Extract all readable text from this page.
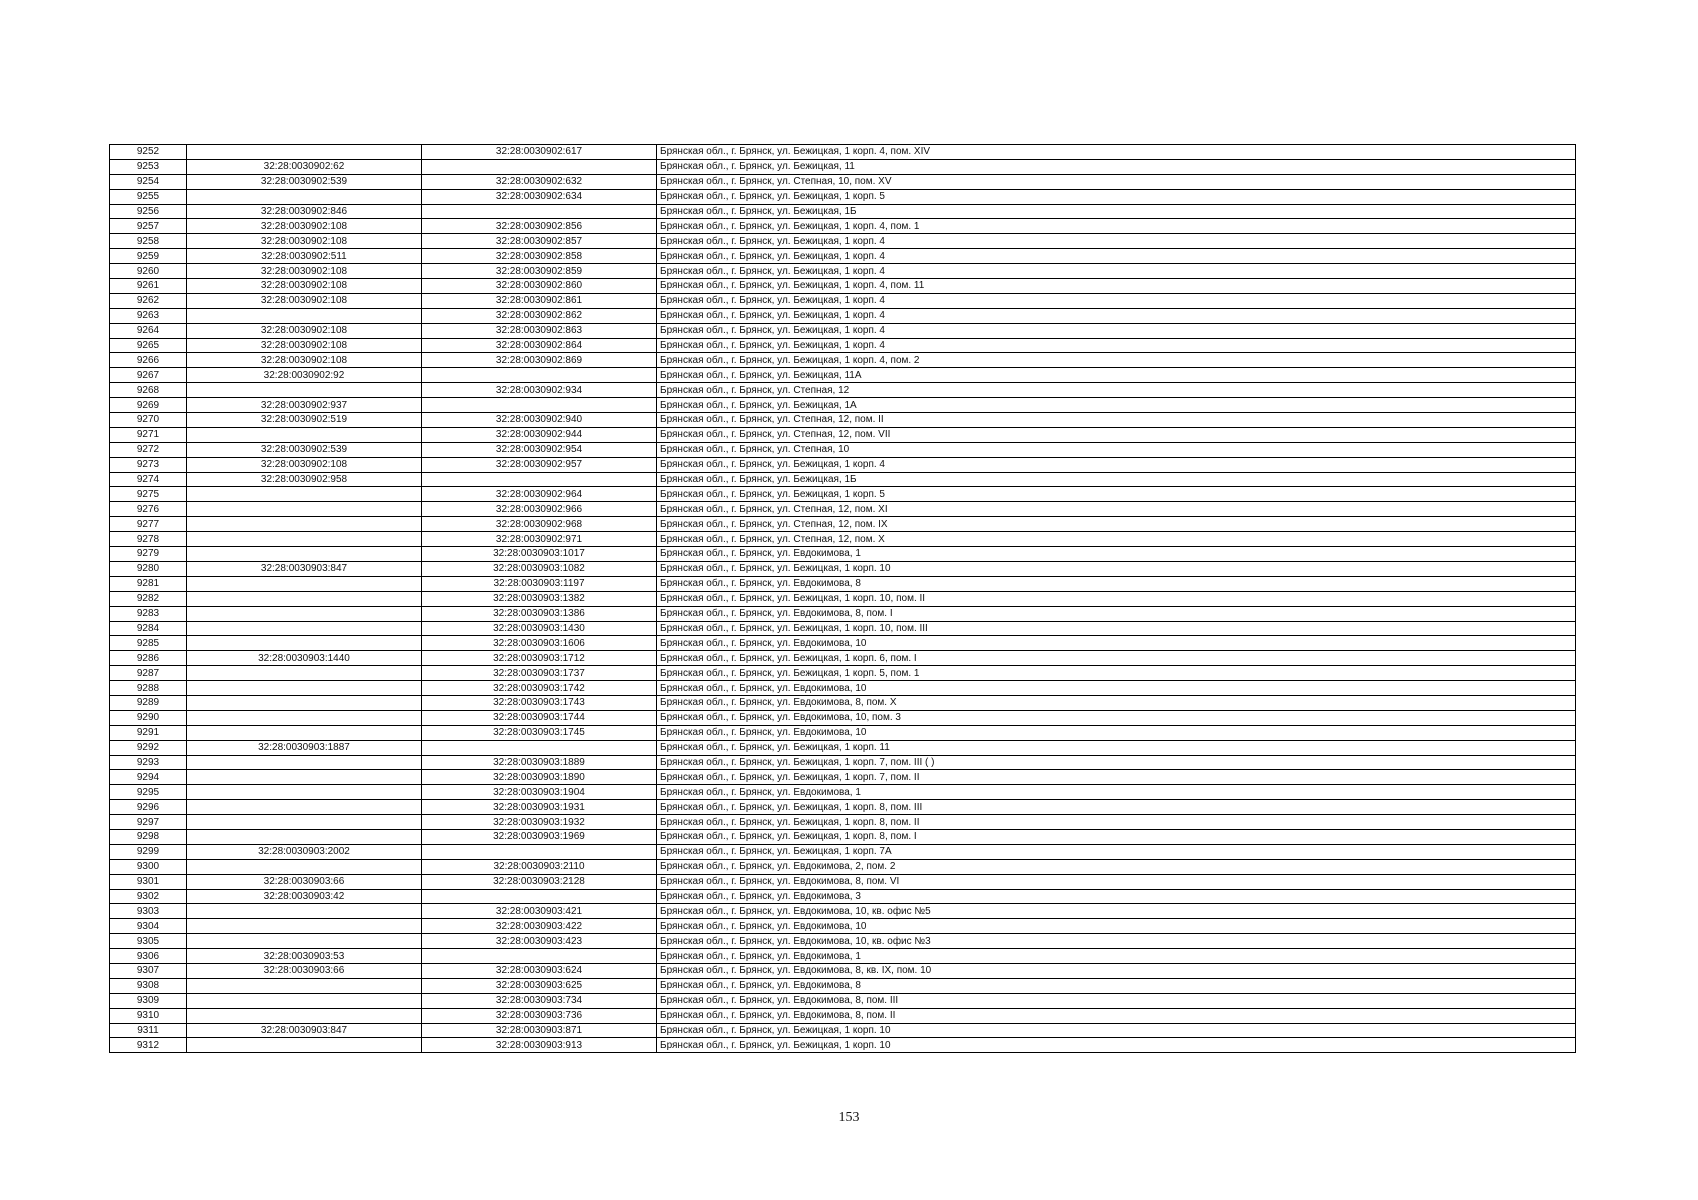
9252		32:28:0030902:617	Брянская обл., г. Брянск, ул. Бежицкая, 1 корп. 4, пом. XIV
9253	32:28:0030902:62		Брянская обл., г. Брянск, ул. Бежицкая, 11
9254	32:28:0030902:539	32:28:0030902:632	Брянская обл., г. Брянск, ул. Степная, 10, пом. XV
9255		32:28:0030902:634	Брянская обл., г. Брянск, ул. Бежицкая, 1 корп. 5
9256	32:28:0030902:846		Брянская обл., г. Брянск, ул. Бежицкая, 1Б
9257	32:28:0030902:108	32:28:0030902:856	Брянская обл., г. Брянск, ул. Бежицкая, 1 корп. 4, пом. 1
9258	32:28:0030902:108	32:28:0030902:857	Брянская обл., г. Брянск, ул. Бежицкая, 1 корп. 4
9259	32:28:0030902:511	32:28:0030902:858	Брянская обл., г. Брянск, ул. Бежицкая, 1 корп. 4
9260	32:28:0030902:108	32:28:0030902:859	Брянская обл., г. Брянск, ул. Бежицкая, 1 корп. 4
9261	32:28:0030902:108	32:28:0030902:860	Брянская обл., г. Брянск, ул. Бежицкая, 1 корп. 4, пом. 11
9262	32:28:0030902:108	32:28:0030902:861	Брянская обл., г. Брянск, ул. Бежицкая, 1 корп. 4
9263		32:28:0030902:862	Брянская обл., г. Брянск, ул. Бежицкая, 1 корп. 4
9264	32:28:0030902:108	32:28:0030902:863	Брянская обл., г. Брянск, ул. Бежицкая, 1 корп. 4
9265	32:28:0030902:108	32:28:0030902:864	Брянская обл., г. Брянск, ул. Бежицкая, 1 корп. 4
9266	32:28:0030902:108	32:28:0030902:869	Брянская обл., г. Брянск, ул. Бежицкая, 1 корп. 4, пом. 2
9267	32:28:0030902:92		Брянская обл., г. Брянск, ул. Бежицкая, 11А
9268		32:28:0030902:934	Брянская обл., г. Брянск, ул. Степная, 12
9269	32:28:0030902:937		Брянская обл., г. Брянск, ул. Бежицкая, 1А
9270	32:28:0030902:519	32:28:0030902:940	Брянская обл., г. Брянск, ул. Степная, 12, пом. II
9271		32:28:0030902:944	Брянская обл., г. Брянск, ул. Степная, 12, пом. VII
9272	32:28:0030902:539	32:28:0030902:954	Брянская обл., г. Брянск, ул. Степная, 10
9273	32:28:0030902:108	32:28:0030902:957	Брянская обл., г. Брянск, ул. Бежицкая, 1 корп. 4
9274	32:28:0030902:958		Брянская обл., г. Брянск, ул. Бежицкая, 1Б
9275		32:28:0030902:964	Брянская обл., г. Брянск, ул. Бежицкая, 1 корп. 5
9276		32:28:0030902:966	Брянская обл., г. Брянск, ул. Степная, 12, пом. XI
9277		32:28:0030902:968	Брянская обл., г. Брянск, ул. Степная, 12, пом. IX
9278		32:28:0030902:971	Брянская обл., г. Брянск, ул. Степная, 12, пом. X
9279		32:28:0030903:1017	Брянская обл., г. Брянск, ул. Евдокимова, 1
9280	32:28:0030903:847	32:28:0030903:1082	Брянская обл., г. Брянск, ул. Бежицкая, 1 корп. 10
9281		32:28:0030903:1197	Брянская обл., г. Брянск, ул. Евдокимова, 8
9282		32:28:0030903:1382	Брянская обл., г. Брянск, ул. Бежицкая, 1 корп. 10, пом. II
9283		32:28:0030903:1386	Брянская обл., г. Брянск, ул. Евдокимова, 8, пом. I
9284		32:28:0030903:1430	Брянская обл., г. Брянск, ул. Бежицкая, 1 корп. 10, пом. III
9285		32:28:0030903:1606	Брянская обл., г. Брянск, ул. Евдокимова, 10
9286	32:28:0030903:1440	32:28:0030903:1712	Брянская обл., г. Брянск, ул. Бежицкая, 1 корп. 6, пом. I
9287		32:28:0030903:1737	Брянская обл., г. Брянск, ул. Бежицкая, 1 корп. 5, пом. 1
9288		32:28:0030903:1742	Брянская обл., г. Брянск, ул. Евдокимова, 10
9289		32:28:0030903:1743	Брянская обл., г. Брянск, ул. Евдокимова, 8, пом. X
9290		32:28:0030903:1744	Брянская обл., г. Брянск, ул. Евдокимова, 10, пом. 3
9291		32:28:0030903:1745	Брянская обл., г. Брянск, ул. Евдокимова, 10
9292	32:28:0030903:1887		Брянская обл., г. Брянск, ул. Бежицкая, 1 корп. 11
9293		32:28:0030903:1889	Брянская обл., г. Брянск, ул. Бежицкая, 1 корп. 7, пом. III ( )
9294		32:28:0030903:1890	Брянская обл., г. Брянск, ул. Бежицкая, 1 корп. 7, пом. II
9295		32:28:0030903:1904	Брянская обл., г. Брянск, ул. Евдокимова, 1
9296		32:28:0030903:1931	Брянская обл., г. Брянск, ул. Бежицкая, 1 корп. 8, пом. III
9297		32:28:0030903:1932	Брянская обл., г. Брянск, ул. Бежицкая, 1 корп. 8, пом. II
9298		32:28:0030903:1969	Брянская обл., г. Брянск, ул. Бежицкая, 1 корп. 8, пом. I
9299	32:28:0030903:2002		Брянская обл., г. Брянск, ул. Бежицкая, 1 корп. 7А
9300		32:28:0030903:2110	Брянская обл., г. Брянск, ул. Евдокимова, 2, пом. 2
9301	32:28:0030903:66	32:28:0030903:2128	Брянская обл., г. Брянск, ул. Евдокимова, 8, пом. VI
9302	32:28:0030903:42		Брянская обл., г. Брянск, ул. Евдокимова, 3
9303		32:28:0030903:421	Брянская обл., г. Брянск, ул. Евдокимова, 10, кв. офис №5
9304		32:28:0030903:422	Брянская обл., г. Брянск, ул. Евдокимова, 10
9305		32:28:0030903:423	Брянская обл., г. Брянск, ул. Евдокимова, 10, кв. офис №3
9306	32:28:0030903:53		Брянская обл., г. Брянск, ул. Евдокимова, 1
9307	32:28:0030903:66	32:28:0030903:624	Брянская обл., г. Брянск, ул. Евдокимова, 8, кв. IX, пом. 10
9308		32:28:0030903:625	Брянская обл., г. Брянск, ул. Евдокимова, 8
9309		32:28:0030903:734	Брянская обл., г. Брянск, ул. Евдокимова, 8, пом. III
9310		32:28:0030903:736	Брянская обл., г. Брянск, ул. Евдокимова, 8, пом. II
9311	32:28:0030903:847	32:28:0030903:871	Брянская обл., г. Брянск, ул. Бежицкая, 1 корп. 10
9312		32:28:0030903:913	Брянская обл., г. Брянск, ул. Бежицкая, 1 корп. 10
153
